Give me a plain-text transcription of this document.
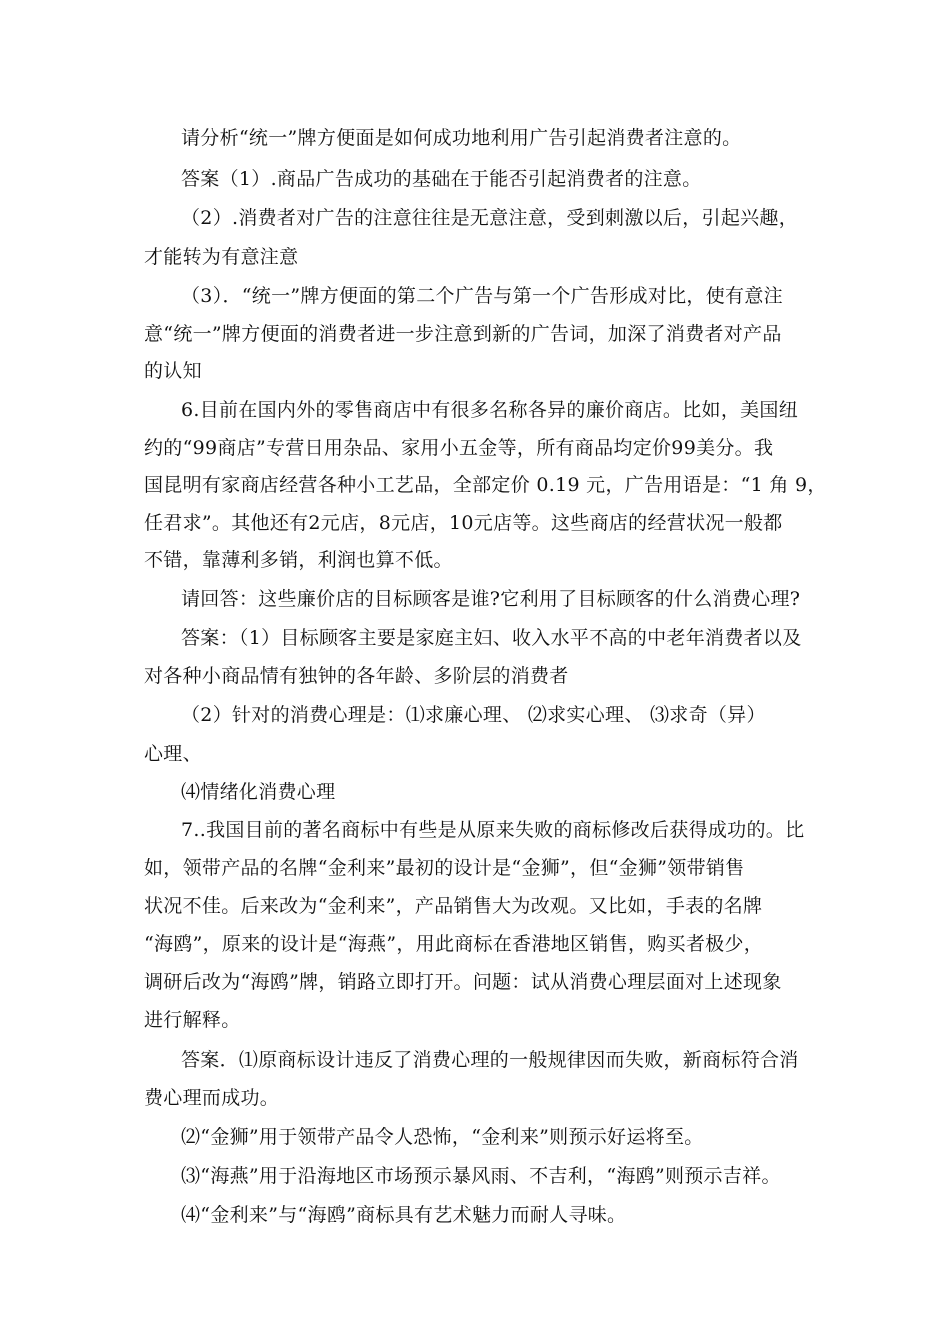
请分析“统一”牌方便面是如何成功地利用广告引起消费者注意的。
答案（1）.商品广告成功的基础在于能否引起消费者的注意。
（2）.消费者对广告的注意往往是无意注意，受到刺激以后，引起兴趣，
才能转为有意注意
（3）．“统一”牌方便面的第二个广告与第一个广告形成对比，使有意注
意“统一”牌方便面的消费者进一步注意到新的广告词，加深了消费者对产品
的认知
6.目前在国内外的零售商店中有很多名称各异的廉价商店。比如，美国纽
约的“99商店”专营日用杂品、家用小五金等，所有商品均定价99美分。我
国昆明有家商店经营各种小工艺品，全部定价 0.19 元，广告用语是：“1 角 9，
任君求”。其他还有2元店，8元店，10元店等。这些商店的经营状况一般都
不错，靠薄利多销，利润也算不低。
请回答：这些廉价店的目标顾客是谁?它利用了目标顾客的什么消费心理?
答案：（1）目标顾客主要是家庭主妇、收入水平不高的中老年消费者以及
对各种小商品情有独钟的各年龄、多阶层的消费者
（2）针对的消费心理是：⑴求廉心理、 ⑵求实心理、 ⑶求奇（异）
心理、
⑷情绪化消费心理
7..我国目前的著名商标中有些是从原来失败的商标修改后获得成功的。比
如，领带产品的名牌“金利来”最初的设计是“金狮”，但“金狮”领带销售
状况不佳。后来改为“金利来”，产品销售大为改观。又比如，手表的名牌
“海鸥”，原来的设计是“海燕”，用此商标在香港地区销售，购买者极少，
调研后改为“海鸥”牌，销路立即打开。问题：试从消费心理层面对上述现象
进行解释。
答案．⑴原商标设计违反了消费心理的一般规律因而失败，新商标符合消
费心理而成功。
⑵“金狮”用于领带产品令人恐怖，“金利来”则预示好运将至。
⑶“海燕”用于沿海地区市场预示暴风雨、不吉利，“海鸥”则预示吉祥。
⑷“金利来”与“海鸥”商标具有艺术魅力而耐人寻味。
